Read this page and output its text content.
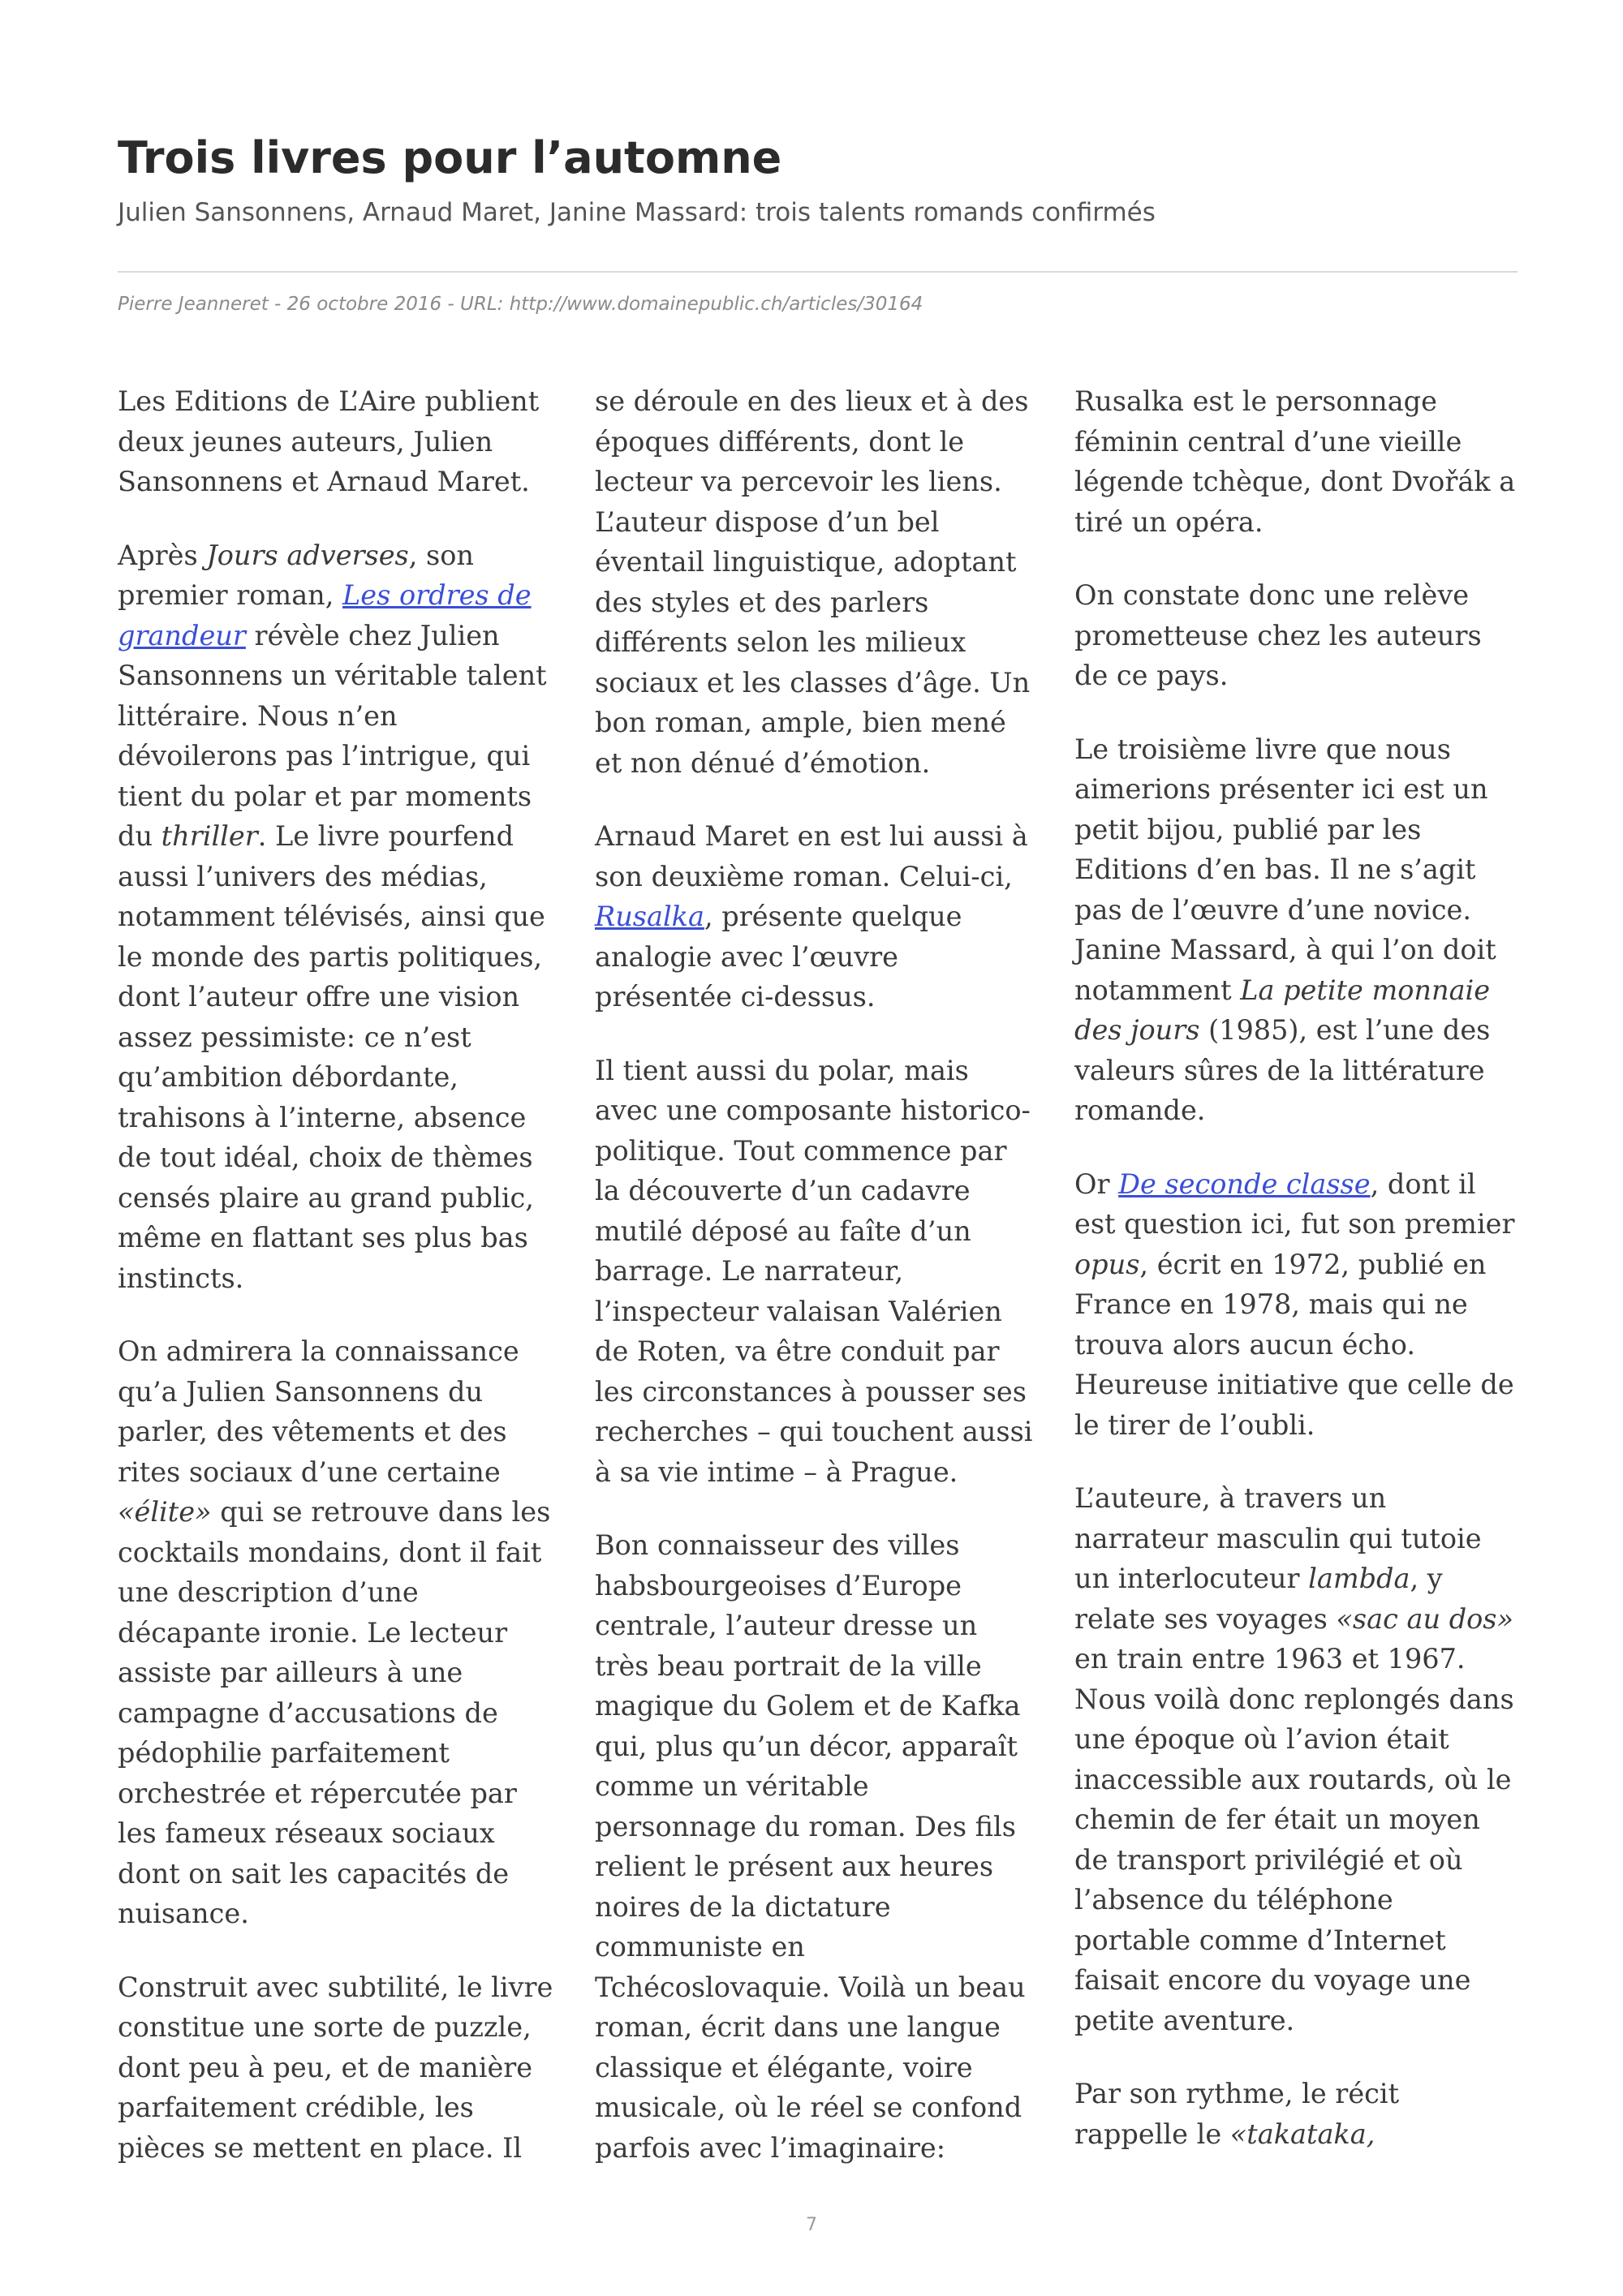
Trois livres pour l’automne
Julien Sansonnens, Arnaud Maret, Janine Massard: trois talents romands confirmés
Pierre Jeanneret - 26 octobre 2016 - URL: http://www.domainepublic.ch/articles/30164

Les Editions de L’Aire publient deux jeunes auteurs, Julien Sansonnens et Arnaud Maret.

Après Jours adverses, son premier roman, Les ordres de grandeur révèle chez Julien Sansonnens un véritable talent littéraire. Nous n’en dévoilerons pas l’intrigue, qui tient du polar et par moments du thriller. Le livre pourfend aussi l’univers des médias, notamment télévisés, ainsi que le monde des partis politiques, dont l’auteur offre une vision assez pessimiste: ce n’est qu’ambition débordante, trahisons à l’interne, absence de tout idéal, choix de thèmes censés plaire au grand public, même en flattant ses plus bas instincts.

On admirera la connaissance qu’a Julien Sansonnens du parler, des vêtements et des rites sociaux d’une certaine «élite» qui se retrouve dans les cocktails mondains, dont il fait une description d’une décapante ironie. Le lecteur assiste par ailleurs à une campagne d’accusations de pédophilie parfaitement orchestrée et répercutée par les fameux réseaux sociaux dont on sait les capacités de nuisance.

Construit avec subtilité, le livre constitue une sorte de puzzle, dont peu à peu, et de manière parfaitement crédible, les pièces se mettent en place. Il

se déroule en des lieux et à des époques différents, dont le lecteur va percevoir les liens. L’auteur dispose d’un bel éventail linguistique, adoptant des styles et des parlers différents selon les milieux sociaux et les classes d’âge. Un bon roman, ample, bien mené et non dénué d’émotion.

Arnaud Maret en est lui aussi à son deuxième roman. Celui-ci, Rusalka, présente quelque analogie avec l’œuvre présentée ci-dessus.

Il tient aussi du polar, mais avec une composante historico-politique. Tout commence par la découverte d’un cadavre mutilé déposé au faîte d’un barrage. Le narrateur, l’inspecteur valaisan Valérien de Roten, va être conduit par les circonstances à pousser ses recherches – qui touchent aussi à sa vie intime – à Prague.

Bon connaisseur des villes habsbourgeoises d’Europe centrale, l’auteur dresse un très beau portrait de la ville magique du Golem et de Kafka qui, plus qu’un décor, apparaît comme un véritable personnage du roman. Des fils relient le présent aux heures noires de la dictature communiste en Tchécoslovaquie. Voilà un beau roman, écrit dans une langue classique et élégante, voire musicale, où le réel se confond parfois avec l’imaginaire:

Rusalka est le personnage féminin central d’une vieille légende tchèque, dont Dvořák a tiré un opéra.

On constate donc une relève prometteuse chez les auteurs de ce pays.

Le troisième livre que nous aimerions présenter ici est un petit bijou, publié par les Editions d’en bas. Il ne s’agit pas de l’œuvre d’une novice. Janine Massard, à qui l’on doit notamment La petite monnaie des jours (1985), est l’une des valeurs sûres de la littérature romande.

Or De seconde classe, dont il est question ici, fut son premier opus, écrit en 1972, publié en France en 1978, mais qui ne trouva alors aucun écho. Heureuse initiative que celle de le tirer de l’oubli.

L’auteure, à travers un narrateur masculin qui tutoie un interlocuteur lambda, y relate ses voyages «sac au dos» en train entre 1963 et 1967. Nous voilà donc replongés dans une époque où l’avion était inaccessible aux routards, où le chemin de fer était un moyen de transport privilégié et où l’absence du téléphone portable comme d’Internet faisait encore du voyage une petite aventure.

Par son rythme, le récit rappelle le «takataka,

7
